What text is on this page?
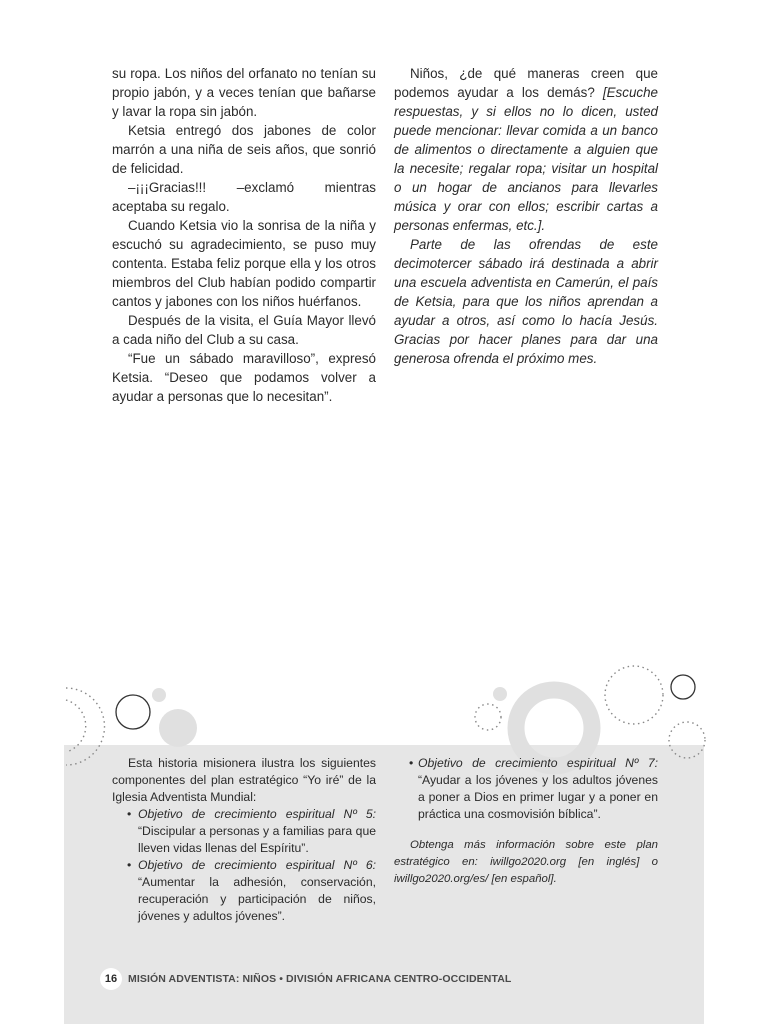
su ropa. Los niños del orfanato no tenían su propio jabón, y a veces tenían que bañarse y lavar la ropa sin jabón.

Ketsia entregó dos jabones de color marrón a una niña de seis años, que sonrió de felicidad.

–¡¡¡Gracias!!! –exclamó mientras aceptaba su regalo.

Cuando Ketsia vio la sonrisa de la niña y escuchó su agradecimiento, se puso muy contenta. Estaba feliz porque ella y los otros miembros del Club habían podido compartir cantos y jabones con los niños huérfanos.

Después de la visita, el Guía Mayor llevó a cada niño del Club a su casa.

“Fue un sábado maravilloso”, expresó Ketsia. “Deseo que podamos volver a ayudar a personas que lo necesitan”.

Niños, ¿de qué maneras creen que podemos ayudar a los demás? [Escuche respuestas, y si ellos no lo dicen, usted puede mencionar: llevar comida a un banco de alimentos o directamente a alguien que la necesite; regalar ropa; visitar un hospital o un hogar de ancianos para llevarles música y orar con ellos; escribir cartas a personas enfermas, etc.].

Parte de las ofrendas de este decimotercer sábado irá destinada a abrir una escuela adventista en Camerún, el país de Ketsia, para que los niños aprendan a ayudar a otros, así como lo hacía Jesús. Gracias por hacer planes para dar una generosa ofrenda el próximo mes.

Esta historia misionera ilustra los siguientes componentes del plan estratégico “Yo iré” de la Iglesia Adventista Mundial:

• Objetivo de crecimiento espiritual Nº 5: “Discipular a personas y a familias para que lleven vidas llenas del Espíritu”.
• Objetivo de crecimiento espiritual Nº 6: “Aumentar la adhesión, conservación, recuperación y participación de niños, jóvenes y adultos jóvenes”.
• Objetivo de crecimiento espiritual Nº 7: “Ayudar a los jóvenes y los adultos jóvenes a poner a Dios en primer lugar y a poner en práctica una cosmovisión bíblica”.

Obtenga más información sobre este plan estratégico en: iwillgo2020.org [en inglés] o iwillgo2020.org/es/ [en español].

16	MISIÓN ADVENTISTA: NIÑOS • DIVISIÓN AFRICANA CENTRO-OCCIDENTAL
